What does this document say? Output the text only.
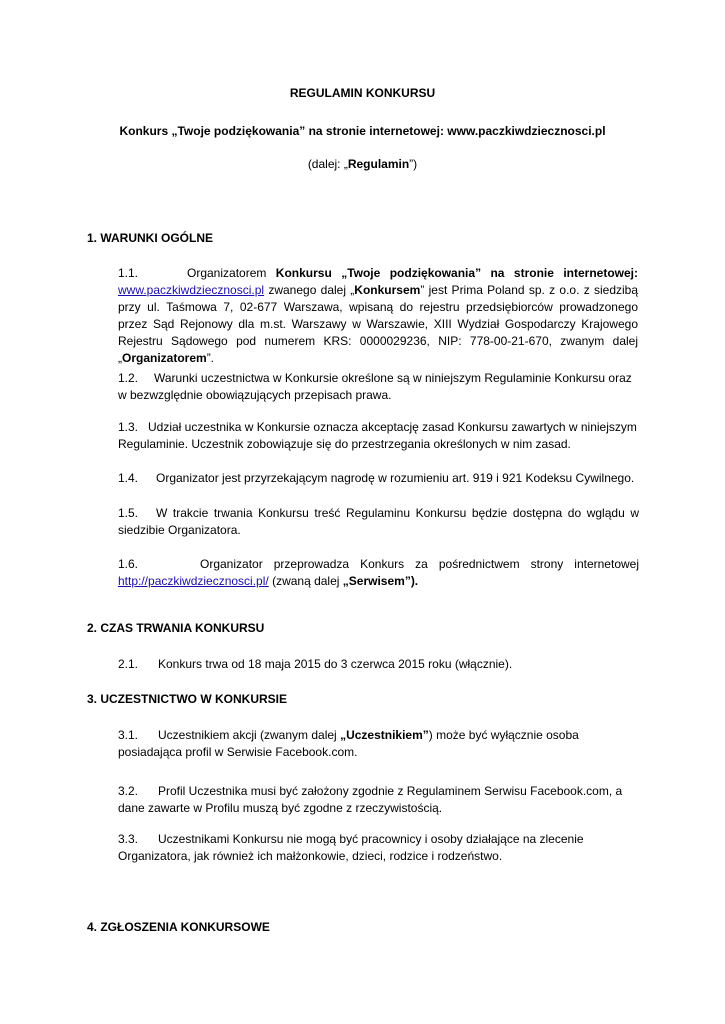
REGULAMIN KONKURSU
Konkurs „Twoje podziękowania” na stronie internetowej: www.paczkiwdziecznosci.pl
(dalej: „Regulamin”)
1. WARUNKI OGÓLNE
1.1.	Organizatorem Konkursu „Twoje podziękowania” na stronie internetowej: www.paczkiwdziecznosci.pl zwanego dalej „Konkursem” jest Prima Poland sp. z o.o. z siedzibą przy ul. Taśmowa 7, 02-677 Warszawa, wpisaną do rejestru przedsiębiorców prowadzonego przez Sąd Rejonowy dla m.st. Warszawy w Warszawie, XIII Wydział Gospodarczy Krajowego Rejestru Sądowego pod numerem KRS: 0000029236, NIP: 778-00-21-670, zwanym dalej „Organizatorem”.
1.2. Warunki uczestnictwa w Konkursie określone są w niniejszym Regulaminie Konkursu oraz w bezwzględnie obowiązujących przepisach prawa.
1.3. Udział uczestnika w Konkursie oznacza akceptację zasad Konkursu zawartych w niniejszym Regulaminie. Uczestnik zobowiązuje się do przestrzegania określonych w nim zasad.
1.4. Organizator jest przyrzekającym nagrodę w rozumieniu art. 919 i 921 Kodeksu Cywilnego.
1.5. W trakcie trwania Konkursu treść Regulaminu Konkursu będzie dostępna do wglądu w siedzibie Organizatora.
1.6.	Organizator przeprowadza Konkurs za pośrednictwem strony internetowej http://paczkiwdziecznosci.pl/ (zwaną dalej „Serwisem”).
2. CZAS TRWANIA KONKURSU
2.1. Konkurs trwa od 18 maja 2015 do 3 czerwca 2015 roku (włącznie).
3. UCZESTNICTWO W KONKURSIE
3.1. Uczestnikiem akcji (zwanym dalej „Uczestnikiem”) może być wyłącznie osoba posiadająca profil w Serwisie Facebook.com.
3.2. Profil Uczestnika musi być założony zgodnie z Regulaminem Serwisu Facebook.com, a dane zawarte w Profilu muszą być zgodne z rzeczywistością.
3.3. Uczestnikami Konkursu nie mogą być pracownicy i osoby działające na zlecenie Organizatora, jak również ich małżonkowie, dzieci, rodzice i rodzeństwo.
4. ZGŁOSZENIA KONKURSOWE
